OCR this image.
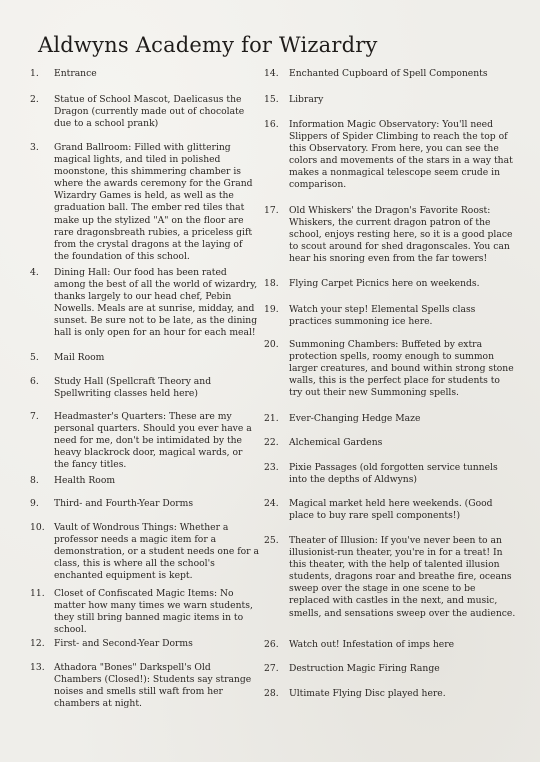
Aldwyns Academy for Wizardry
1. Entrance
2. Statue of School Mascot, Daelicasus the Dragon (currently made out of chocolate due to a school prank)
3. Grand Ballroom: Filled with glittering magical lights, and tiled in polished moonstone, this shimmering chamber is where the awards ceremony for the Grand Wizardry Games is held, as well as the graduation ball. The ember red tiles that make up the stylized "A" on the floor are rare dragonsbreath rubies, a priceless gift from the crystal dragons at the laying of the foundation of this school.
4. Dining Hall: Our food has been rated among the best of all the world of wizardry, thanks largely to our head chef, Pebin Nowells. Meals are at sunrise, midday, and sunset. Be sure not to be late, as the dining hall is only open for an hour for each meal!
5. Mail Room
6. Study Hall (Spellcraft Theory and Spellwriting classes held here)
7. Headmaster's Quarters: These are my personal quarters. Should you ever have a need for me, don't be intimidated by the heavy blackrock door, magical wards, or the fancy titles.
8. Health Room
9. Third- and Fourth-Year Dorms
10. Vault of Wondrous Things: Whether a professor needs a magic item for a demonstration, or a student needs one for a class, this is where all the school's enchanted equipment is kept.
11. Closet of Confiscated Magic Items: No matter how many times we warn students, they still bring banned magic items in to school.
12. First- and Second-Year Dorms
13. Athadora "Bones" Darkspell's Old Chambers (Closed!): Students say strange noises and smells still waft from her chambers at night.
14. Enchanted Cupboard of Spell Components
15. Library
16. Information Magic Observatory: You'll need Slippers of Spider Climbing to reach the top of this Observatory. From here, you can see the colors and movements of the stars in a way that makes a nonmagical telescope seem crude in comparison.
17. Old Whiskers' the Dragon's Favorite Roost: Whiskers, the current dragon patron of the school, enjoys resting here, so it is a good place to scout around for shed dragonscales. You can hear his snoring even from the far towers!
18. Flying Carpet Picnics here on weekends.
19. Watch your step! Elemental Spells class practices summoning ice here.
20. Summoning Chambers: Buffeted by extra protection spells, roomy enough to summon larger creatures, and bound within strong stone walls, this is the perfect place for students to try out their new Summoning spells.
21. Ever-Changing Hedge Maze
22. Alchemical Gardens
23. Pixie Passages (old forgotten service tunnels into the depths of Aldwyns)
24. Magical market held here weekends. (Good place to buy rare spell components!)
25. Theater of Illusion: If you've never been to an illusionist-run theater, you're in for a treat! In this theater, with the help of talented illusion students, dragons roar and breathe fire, oceans sweep over the stage in one scene to be replaced with castles in the next, and music, smells, and sensations sweep over the audience.
26. Watch out! Infestation of imps here
27. Destruction Magic Firing Range
28. Ultimate Flying Disc played here.
